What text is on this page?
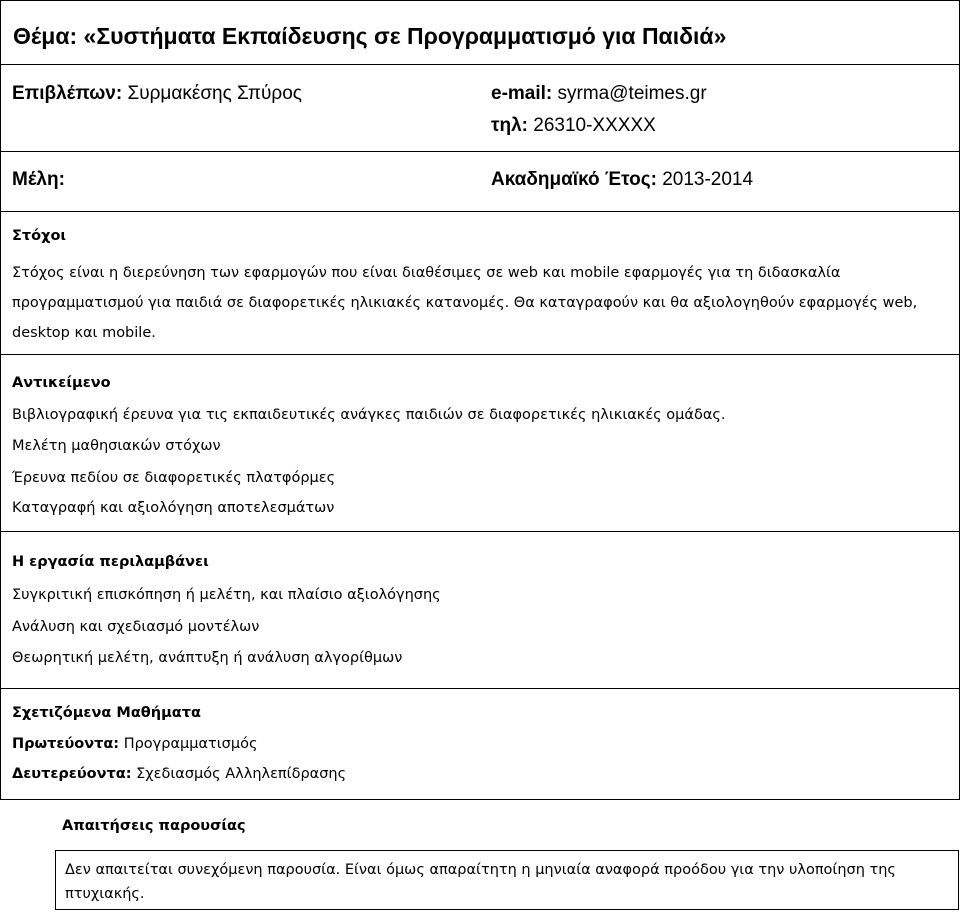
Θέμα: «Συστήματα Εκπαίδευσης σε Προγραμματισμό για Παιδιά»
Επιβλέπων: Συρμακέσης Σπύρος	e-mail: syrma@teimes.gr
τηλ: 26310-XXXXX
Μέλη:	Ακαδημαϊκό Έτος: 2013-2014
Στόχοι
Στόχος είναι η διερεύνηση των εφαρμογών που είναι διαθέσιμες σε web και mobile εφαρμογές για τη διδασκαλία προγραμματισμού για παιδιά σε διαφορετικές ηλικιακές κατανομές. Θα καταγραφούν και θα αξιολογηθούν εφαρμογές web, desktop και mobile.
Αντικείμενο
Βιβλιογραφική έρευνα για τις εκπαιδευτικές ανάγκες παιδιών σε διαφορετικές ηλικιακές ομάδας.
Μελέτη μαθησιακών στόχων
Έρευνα πεδίου σε διαφορετικές πλατφόρμες
Καταγραφή και αξιολόγηση αποτελεσμάτων
Η εργασία περιλαμβάνει
Συγκριτική επισκόπηση ή μελέτη, και πλαίσιο αξιολόγησης
Ανάλυση και σχεδιασμό μοντέλων
Θεωρητική μελέτη, ανάπτυξη ή ανάλυση αλγορίθμων
Σχετιζόμενα Μαθήματα
Πρωτεύοντα: Προγραμματισμός
Δευτερεύοντα: Σχεδιασμός Αλληλεπίδρασης
Απαιτήσεις παρουσίας
Δεν απαιτείται συνεχόμενη παρουσία. Είναι όμως απαραίτητη η μηνιαία αναφορά προόδου για την υλοποίηση της πτυχιακής.
